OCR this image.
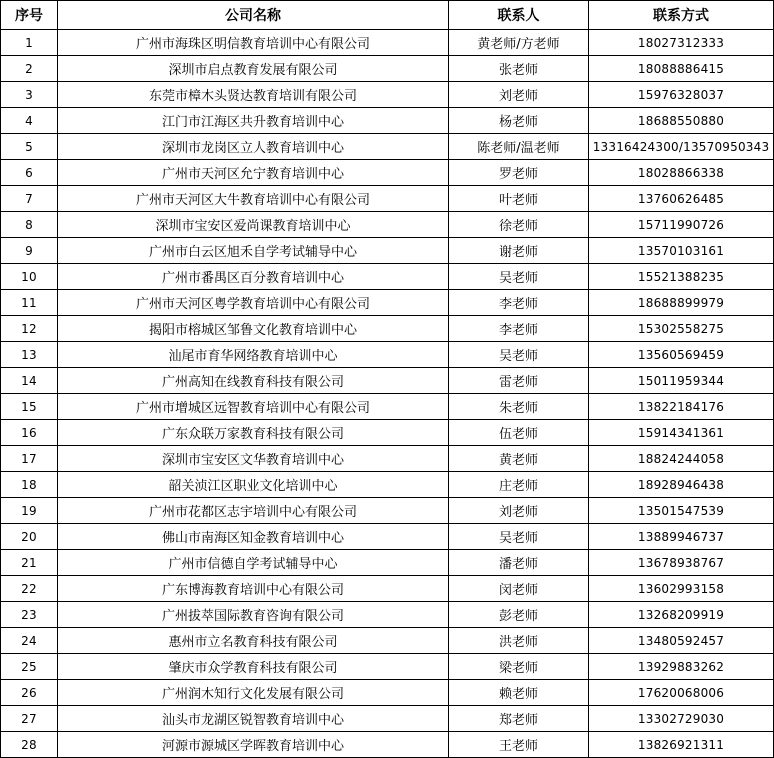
序号	公司名称	联系人	联系方式
1	广州市海珠区明信教育培训中心有限公司	黄老师/方老师	18027312333
2	深圳市启点教育发展有限公司	张老师	18088886415
3	东莞市樟木头贤达教育培训有限公司	刘老师	15976328037
4	江门市江海区共升教育培训中心	杨老师	18688550880
5	深圳市龙岗区立人教育培训中心	陈老师/温老师	13316424300/13570950343
6	广州市天河区允宁教育培训中心	罗老师	18028866338
7	广州市天河区大牛教育培训中心有限公司	叶老师	13760626485
8	深圳市宝安区爱尚课教育培训中心	徐老师	15711990726
9	广州市白云区旭禾自学考试辅导中心	谢老师	13570103161
10	广州市番禺区百分教育培训中心	吴老师	15521388235
11	广州市天河区粤学教育培训中心有限公司	李老师	18688899979
12	揭阳市榕城区邹鲁文化教育培训中心	李老师	15302558275
13	汕尾市育华网络教育培训中心	吴老师	13560569459
14	广州高知在线教育科技有限公司	雷老师	15011959344
15	广州市增城区远智教育培训中心有限公司	朱老师	13822184176
16	广东众联万家教育科技有限公司	伍老师	15914341361
17	深圳市宝安区文华教育培训中心	黄老师	18824244058
18	韶关浈江区职业文化培训中心	庄老师	18928946438
19	广州市花都区志宇培训中心有限公司	刘老师	13501547539
20	佛山市南海区知金教育培训中心	吴老师	13889946737
21	广州市信德自学考试辅导中心	潘老师	13678938767
22	广东博海教育培训中心有限公司	闵老师	13602993158
23	广州拔萃国际教育咨询有限公司	彭老师	13268209919
24	惠州市立名教育科技有限公司	洪老师	13480592457
25	肇庆市众学教育科技有限公司	梁老师	13929883262
26	广州润木知行文化发展有限公司	赖老师	17620068006
27	汕头市龙湖区锐智教育培训中心	郑老师	13302729030
28	河源市源城区学晖教育培训中心	王老师	13826921311
